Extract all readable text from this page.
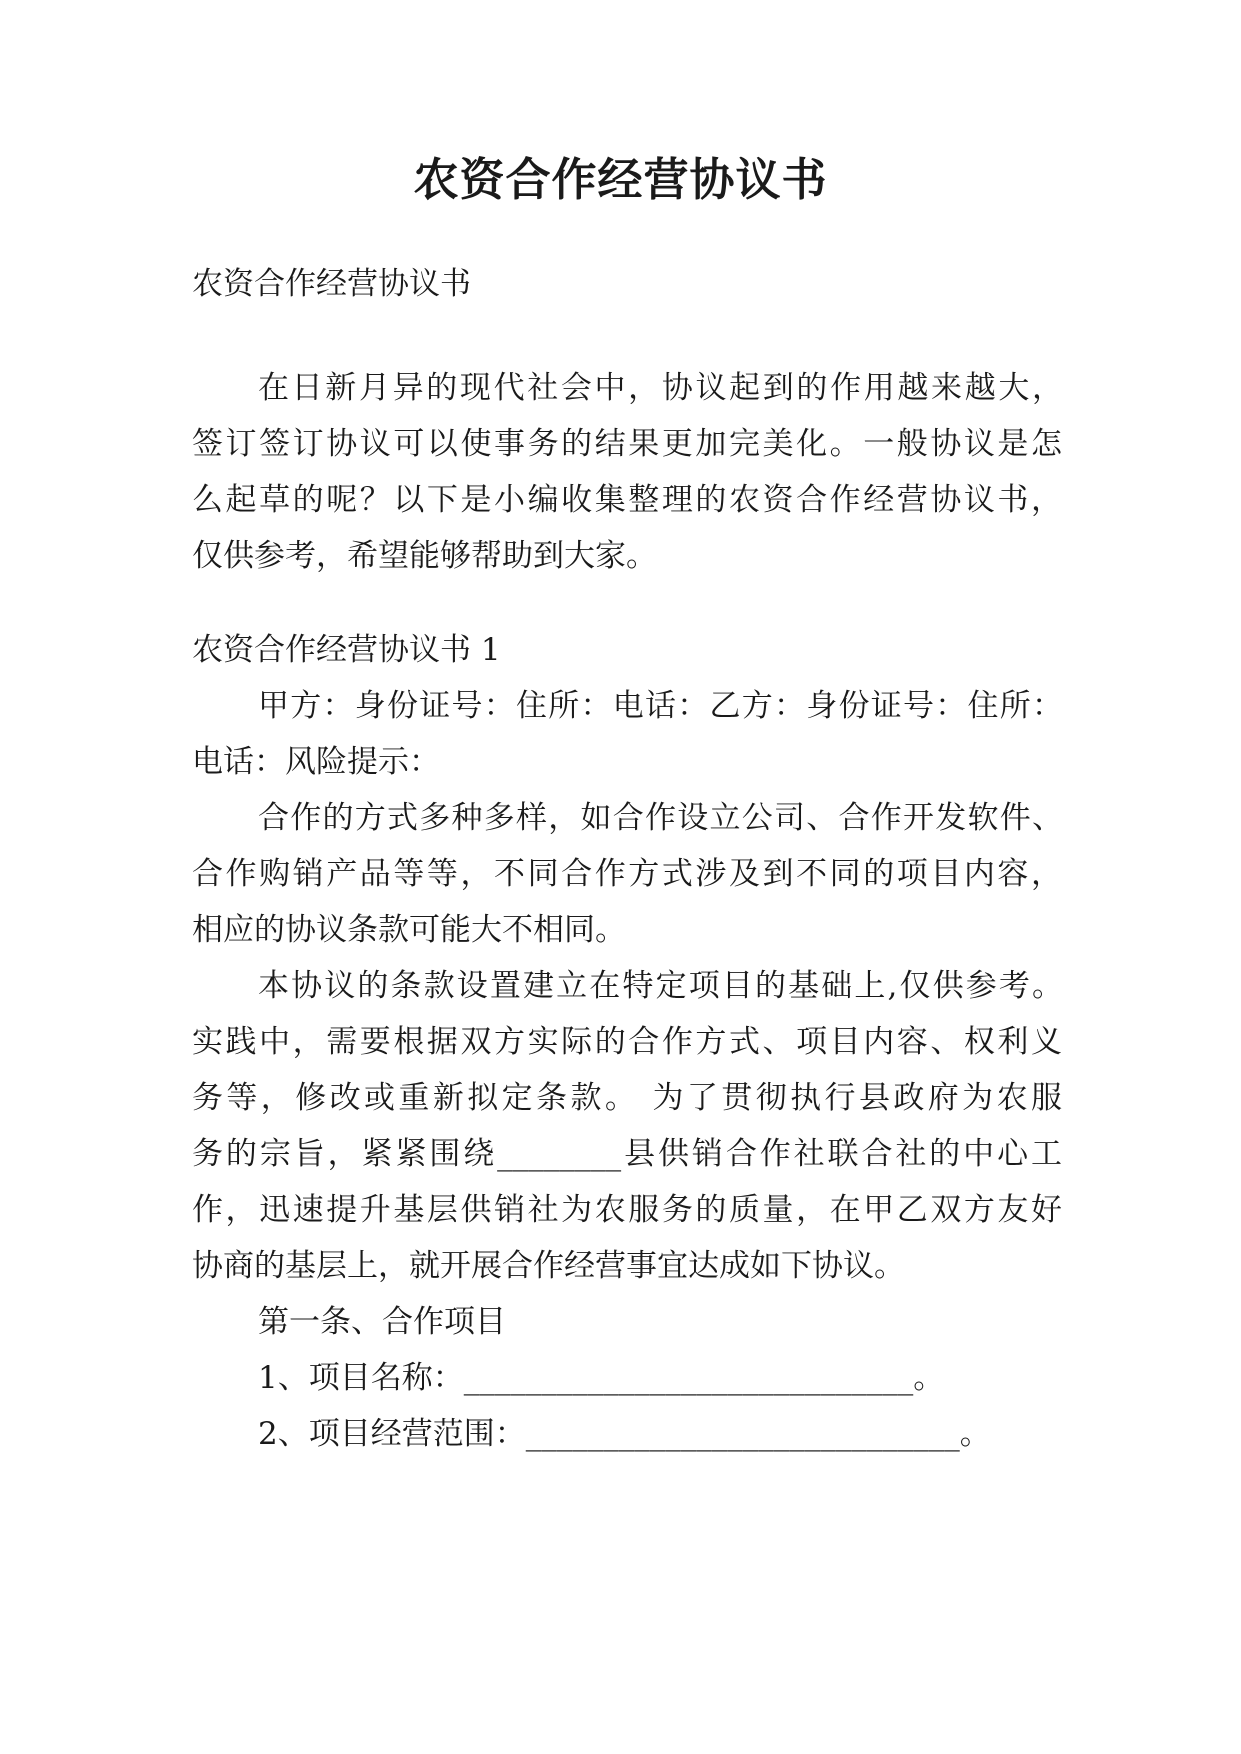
农资合作经营协议书

农资合作经营协议书

在日新月异的现代社会中，协议起到的作用越来越大，

签订签订协议可以使事务的结果更加完美化。一般协议是怎

么起草的呢？以下是小编收集整理的农资合作经营协议书，

仅供参考，希望能够帮助到大家。

农资合作经营协议书 1

甲方：身份证号：住所：电话：乙方：身份证号：住所：

电话：风险提示：

合作的方式多种多样，如合作设立公司、合作开发软件、

合作购销产品等等，不同合作方式涉及到不同的项目内容，

相应的协议条款可能大不相同。

本协议的条款设置建立在特定项目的基础上,仅供参考。

实践中，需要根据双方实际的合作方式、项目内容、权利义

务等，修改或重新拟定条款。 为了贯彻执行县政府为农服

务的宗旨，紧紧围绕________县供销合作社联合社的中心工

作，迅速提升基层供销社为农服务的质量，在甲乙双方友好

协商的基层上，就开展合作经营事宜达成如下协议。

第一条、合作项目

1、项目名称：_____________________________。

2、项目经营范围：____________________________。
